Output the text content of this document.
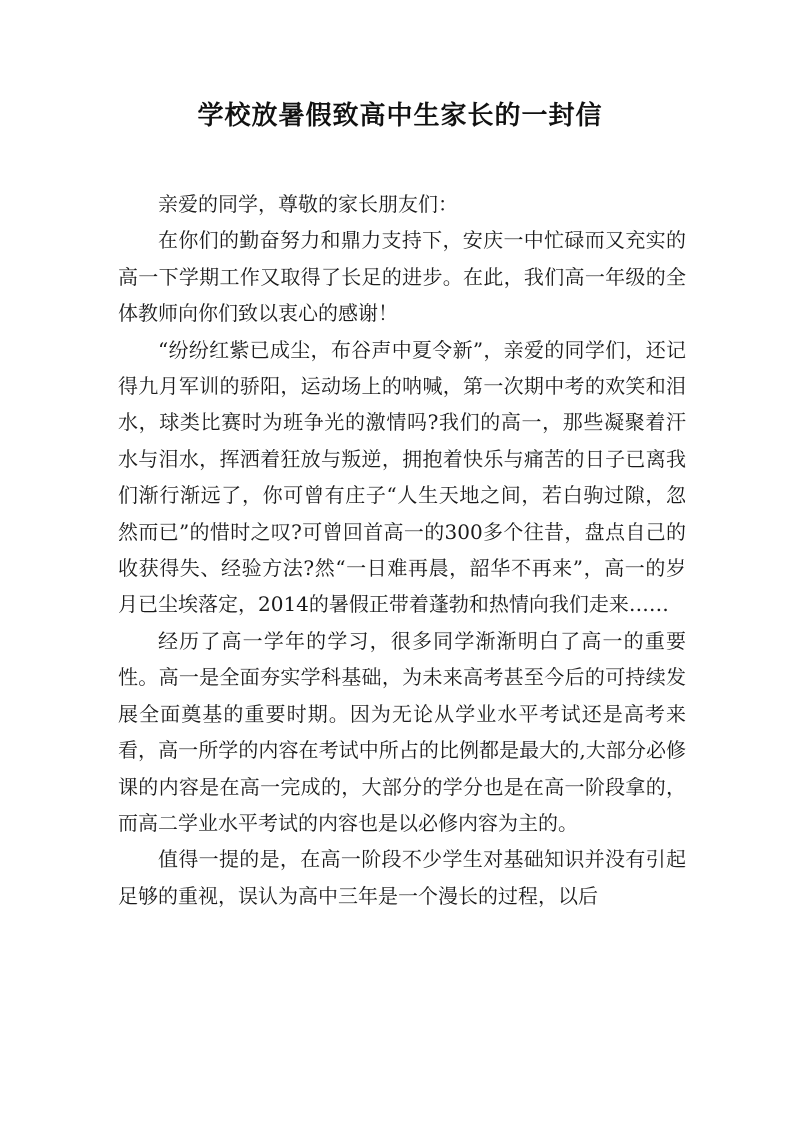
学校放暑假致高中生家长的一封信

亲爱的同学，尊敬的家长朋友们：

在你们的勤奋努力和鼎力支持下，安庆一中忙碌而又充实的高一下学期工作又取得了长足的进步。在此，我们高一年级的全体教师向你们致以衷心的感谢！

“纷纷红紫已成尘，布谷声中夏令新”，亲爱的同学们，还记得九月军训的骄阳，运动场上的呐喊，第一次期中考的欢笑和泪水，球类比赛时为班争光的激情吗?我们的高一，那些凝聚着汗水与泪水，挥洒着狂放与叛逆，拥抱着快乐与痛苦的日子已离我们渐行渐远了，你可曾有庄子“人生天地之间，若白驹过隙，忽然而已”的惜时之叹?可曾回首高一的300多个往昔，盘点自己的收获得失、经验方法?然“一日难再晨，韶华不再来”，高一的岁月已尘埃落定，2014的暑假正带着蓬勃和热情向我们走来……

经历了高一学年的学习，很多同学渐渐明白了高一的重要性。高一是全面夯实学科基础，为未来高考甚至今后的可持续发展全面奠基的重要时期。因为无论从学业水平考试还是高考来看，高一所学的内容在考试中所占的比例都是最大的,大部分必修课的内容是在高一完成的，大部分的学分也是在高一阶段拿的，而高二学业水平考试的内容也是以必修内容为主的。

值得一提的是，在高一阶段不少学生对基础知识并没有引起足够的重视，误认为高中三年是一个漫长的过程，以后
